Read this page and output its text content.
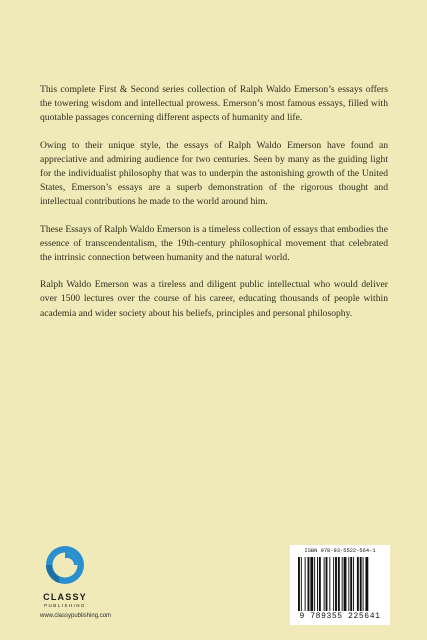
This complete First & Second series collection of Ralph Waldo Emerson’s essays offers the towering wisdom and intellectual prowess. Emerson’s most famous essays, filled with quotable passages concerning different aspects of humanity and life.

Owing to their unique style, the essays of Ralph Waldo Emerson have found an appreciative and admiring audience for two centuries. Seen by many as the guiding light for the individualist philosophy that was to underpin the astonishing growth of the United States, Emerson’s essays are a superb demonstration of the rigorous thought and intellectual contributions he made to the world around him.

These Essays of Ralph Waldo Emerson is a timeless collection of essays that embodies the essence of transcendentalism, the 19th-century philosophical movement that celebrated the intrinsic connection between humanity and the natural world.

Ralph Waldo Emerson was a tireless and diligent public intellectual who would deliver over 1500 lectures over the course of his career, educating thousands of people within academia and wider society about his beliefs, principles and personal philosophy.

CLASSY
PUBLISHING
www.classypublishing.com
ISBN 978-93-5522-564-1
9 789355 225641
